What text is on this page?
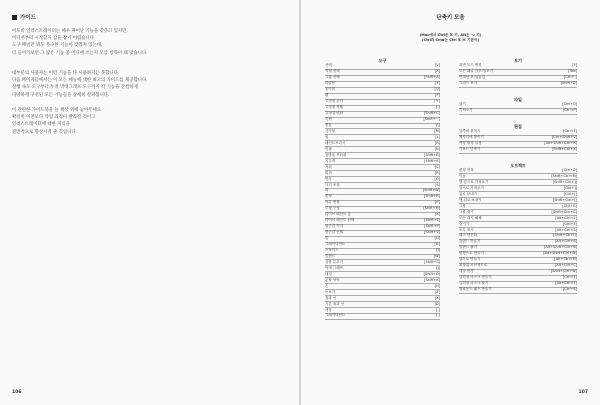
가이드
어도비 일러스트레이터는 매우 뛰어난 기능을 갖추고 있지만,
어디서부터 시작할지 감을 잡기 어렵습니다.
도구 패널만 봐도 무수한 기능이 갖춰져 있는데,
더 들어가보면 그 많은 기능 중 어디에 쓰는지 모를 항목이 꽤 많습니다.
대부분의 사용자는 이런 기능을 다 사용하지는 못합니다.
다음 페이지들에서는 이 모든 메뉴에 대한 최고의 가이드를 제공합니다.
실행 속도 도구부터 누적 막대그래프 도구까지 각 기능을 간결하게
다양하게 구성된 모든 기능들을 상세히 살펴봅니다.
이 간편한 가이드북을 늘 책상 위에 놓아두세요.
확실히 이전보다 작업 과정이 빨라질 것이고
일러스트레이터에 대한 지식을
전반적으로 향상시켜 줄 것입니다.
106
단축키 모음
(Mac에서 Ctrl은 ⌘ 키, Alt는 ⌥ 키)
(Ctrl과 Cmd는 Ctrl 또 ⌘ 기본이)
도구
선택	[V]
직접 선택	[A]
그룹 선택	[Shift+A]
마술봉	[Y]
올가미	[Q]
펜	[P]
고정점 추가	[+]
고정점 삭제	[-]
고정점 변환	[Shift+C]
곡선	[Shift+~]
선분	[\]
사각형	[M]
원	[L]
페인트브러시	[B]
연필	[N]
물방울 브러쉬	[Shift+B]
지우개	[Shift+E]
가위	[C]
회전	[R]
반사	[O]
크기 조절	[S]
폭	[Shift+W]
변형	[Shift+R]
자유 변형	[E]
도형 구성	[Shift+M]
라이브 페인트 통	[K]
라이브 페인트 선택	[Shift+L]
원근감 격자	[Shift+P]
원근감 선택	[Shift+V]
망	[U]
그레이디언트	[G]
스포이드	[I]
블렌드	[W]
심볼 분무기	[Shift+S]
막대 그래프	[J]
대지	[Shift+O]
분할 영역	[Shift+K]
손	[H]
돋보기	[Z]
칠과 선	[X]
기본 칠과 선	[D]
색상	[,]
그레이디언트	[.]
보기
화면 모드 변경	[F]
모든 패널 감추기/보기	[Tab]
안내선 보기/숨김	[Ctrl+;]
그리드 보기	[Shift+D]
파일
열기	[Ctrl+O]
가져오기	[Ctrl+P]
편집
앞쪽에 붙이기	[Ctrl+F]
제자리에 붙이기	[Ctrl+Shift+V]
색상 환경 설정	[Alt+Shift+Ctrl+K]
키보드 단축키	[Shift+Ctrl+K]
오브젝트
변형 반복	[Ctrl+D]
이동	[Shift+Ctrl+M]
맨 앞으로 가져오기	[Shift+Ctrl+]]
앞으로 가져오기	[Ctrl+]]
뒤로 보내기	[Ctrl+[]
맨 뒤로 보내기	[Shift+Ctrl+[]
그룹	[Ctrl+G]
그룹 풀기	[Shift+Ctrl+G]
모든 대지 해제	[Alt+Ctrl+2]
숨기기	[Ctrl+3]
모두 표시	[Alt+Ctrl+3]
패스 단순화	[Shift+Ctrl+J]
블렌드 만들기	[Alt+Ctrl+B]
블렌드 풀기	[Alt+Shift+Ctrl+B]
변형으로 만들기	[Alt+Shift+Ctrl+W]
망으로 만들기	[Alt+Ctrl+M]
최상위 오브젝트로	[Alt+Ctrl+C]
대상 변경	[Shift+Ctrl+W]
클리핑 마스크 만들기	[Ctrl+7]
클리핑 마스크 풀기	[Alt+Ctrl+7]
컴파운드 패스 만들기	[Ctrl+8]
107
